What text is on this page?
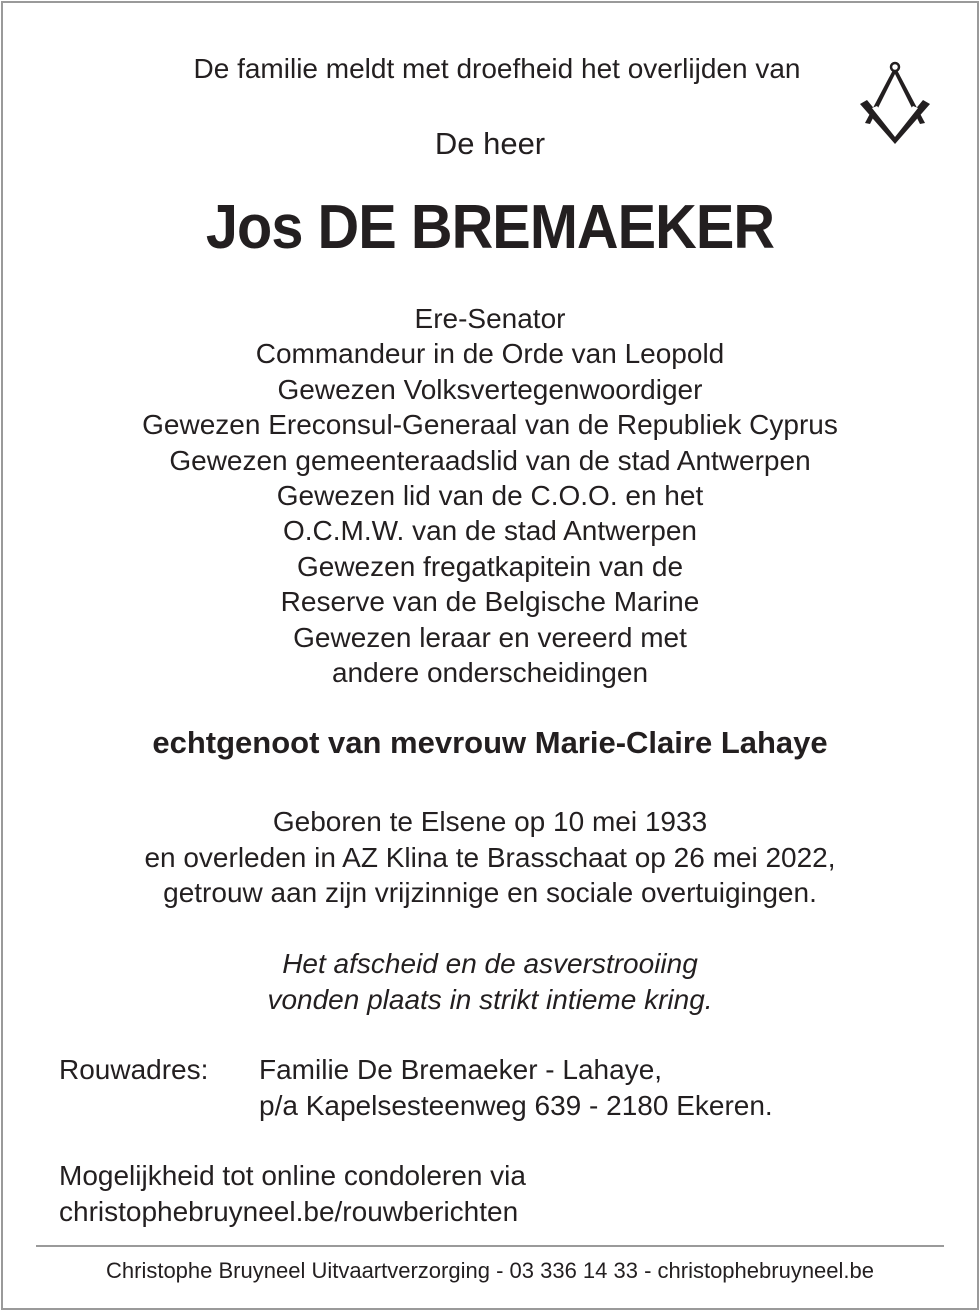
De familie meldt met droefheid het overlijden van
De heer
Jos DE BREMAEKER
Ere-Senator
Commandeur in de Orde van Leopold
Gewezen Volksvertegenwoordiger
Gewezen Ereconsul-Generaal van de Republiek Cyprus
Gewezen gemeenteraadslid van de stad Antwerpen
Gewezen lid van de C.O.O. en het
O.C.M.W. van de stad Antwerpen
Gewezen fregatkapitein van de
Reserve van de Belgische Marine
Gewezen leraar en vereerd met
andere onderscheidingen
echtgenoot van mevrouw Marie-Claire Lahaye
Geboren te Elsene op 10 mei 1933
en overleden in AZ Klina te Brasschaat op 26 mei 2022,
getrouw aan zijn vrijzinnige en sociale overtuigingen.
Het afscheid en de asverstrooiing
vonden plaats in strikt intieme kring.
Rouwadres: Familie De Bremaeker - Lahaye,
p/a Kapelsesteenweg 639 - 2180 Ekeren.
Mogelijkheid tot online condoleren via
christophebruyneel.be/rouwberichten
Christophe Bruyneel Uitvaartverzorging - 03 336 14 33 - christophebruyneel.be
